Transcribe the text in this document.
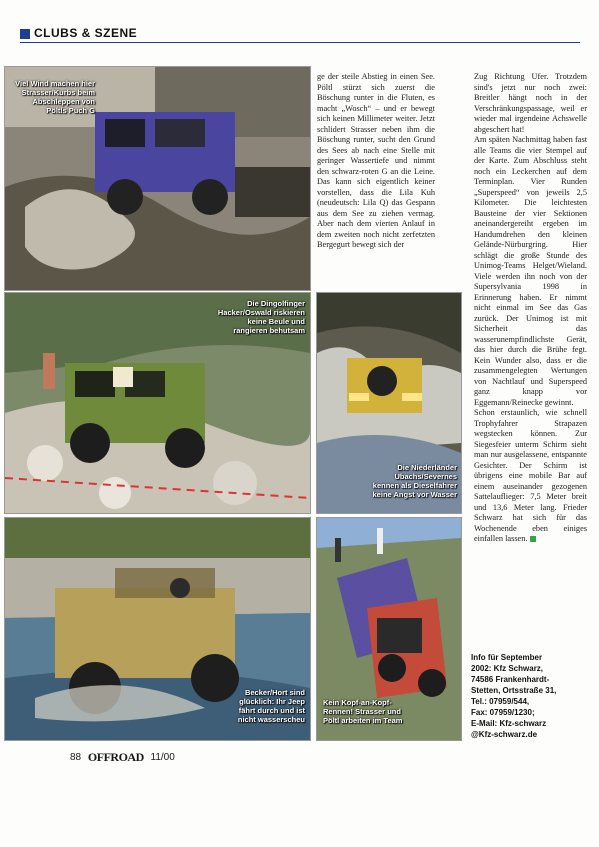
CLUBS & SZENE
Viel Wind machen hier Strasser/Kurbs beim Abschleppen von Pöltls Puch G

ge der steile Abstieg in einen See. Pöltl stürzt sich zuerst die Böschung runter in die Fluten, es macht „Wosch“ – und er bewegt sich keinen Millimeter weiter. Jetzt schlidert Strasser neben ihm die Böschung runter, sucht den Grund des Sees ab nach eine Stelle mit geringer Wassertiefe und nimmt den schwarz-roten G an die Leine. Das kann sich eigentlich keiner vorstellen, dass die Lila Kuh (neudeutsch: Lila Q) das Gespann aus dem See zu ziehen vermag. Aber nach dem vierten Anlauf in dem zweiten noch nicht zerfetzten Bergegurt bewegt sich der

Die Dingolfinger Hacker/Oswald riskieren keine Beule und rangieren behutsam
Die Niederländer Ubachs/Severnes kennen als Dieselfahrer keine Angst vor Wasser

Zug Richtung Ufer. Trotzdem sind's jetzt nur noch zwei: Breitler hängt noch in der Verschränkungspassage, weil er wieder mal irgendeine Achswelle abgeschert hat!

Am späten Nachmittag haben fast alle Teams die vier Stempel auf der Karte. Zum Abschluss steht noch ein Leckerchen auf dem Terminplan. Vier Runden „Superspeed“ von jeweils 2,5 Kilometer. Die leichtesten Bausteine der vier Sektionen aneinandergereiht ergeben im Handumdrehen den kleinen Gelände-Nürburgring. Hier schlägt die große Stunde des Unimog-Teams Helget/Wieland. Viele werden ihn noch von der Supersylvania 1998 in Erinnerung haben. Er nimmt nicht einmal im See das Gas zurück. Der Unimog ist mit Sicherheit das wasserunempfindlichste Gerät, das hier durch die Brühe fegt. Kein Wunder also, dass er die zusammengelegten Wertungen von Nachtlauf und Superspeed ganz knapp vor Eggemann/Reinecke gewinnt.

Schon erstaunlich, wie schnell Trophyfahrer Strapazen wegstecken können. Zur Siegesfeier unterm Schirm sieht man nur ausgelassene, entspannte Gesichter. Der Schirm ist übrigens eine mobile Bar auf einem auseinander gezogenen Sattelauflieger: 7,5 Meter breit und 13,6 Meter lang. Frieder Schwarz hat sich für das Wochenende eben einiges einfallen lassen.

Becker/Hort sind glücklich: Ihr Jeep fährt durch und ist nicht wasserscheu
Kein Kopf-an-Kopf-Rennen! Strasser und Pöltl arbeiten im Team
Info für September
2002: Kfz Schwarz,
74586 Frankenhardt-
Stetten, Ortsstraße 31,
Tel.: 07959/544,
Fax: 07959/1230;
E-Mail: Kfz-schwarz
@Kfz-schwarz.de
88 OFFROAD 11/00
